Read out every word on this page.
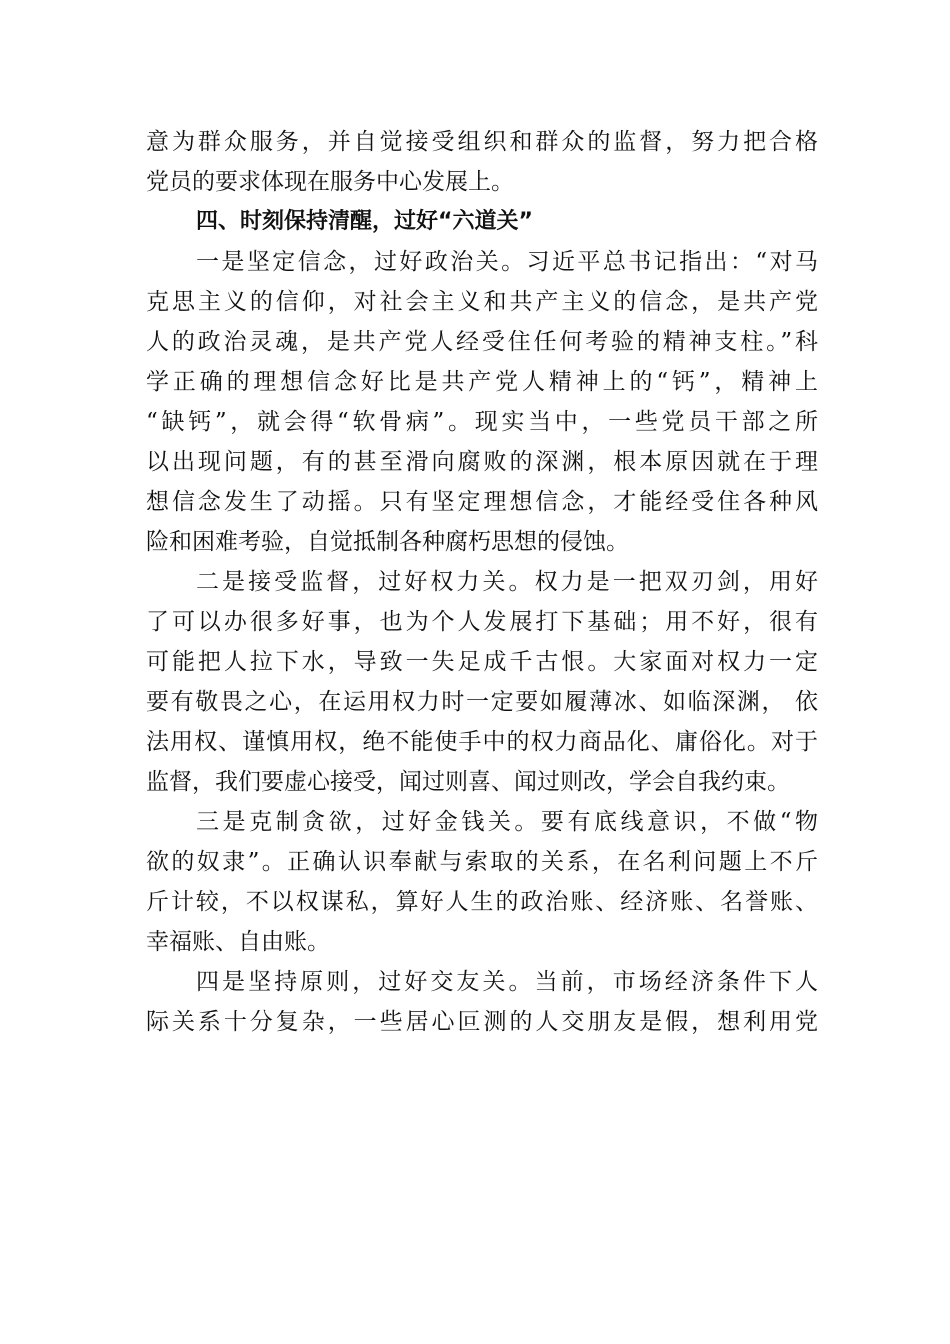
意为群众服务，并自觉接受组织和群众的监督，努力把合格
党员的要求体现在服务中心发展上。
四、时刻保持清醒，过好“六道关”
一是坚定信念，过好政治关。习近平总书记指出：“对马
克思主义的信仰，对社会主义和共产主义的信念，是共产党
人的政治灵魂，是共产党人经受住任何考验的精神支柱。”科
学正确的理想信念好比是共产党人精神上的“钙”，精神上
“缺钙”，就会得“软骨病”。现实当中，一些党员干部之所
以出现问题，有的甚至滑向腐败的深渊，根本原因就在于理
想信念发生了动摇。只有坚定理想信念，才能经受住各种风
险和困难考验，自觉抵制各种腐朽思想的侵蚀。
二是接受监督，过好权力关。权力是一把双刃剑，用好
了可以办很多好事，也为个人发展打下基础；用不好，很有
可能把人拉下水，导致一失足成千古恨。大家面对权力一定
要有敬畏之心，在运用权力时一定要如履薄冰、如临深渊， 依
法用权、谨慎用权，绝不能使手中的权力商品化、庸俗化。对于
监督，我们要虚心接受，闻过则喜、闻过则改，学会自我约束。
三是克制贪欲，过好金钱关。要有底线意识，不做“物
欲的奴隶”。正确认识奉献与索取的关系，在名利问题上不斤
斤计较，不以权谋私，算好人生的政治账、经济账、名誉账、
幸福账、自由账。
四是坚持原则，过好交友关。当前，市场经济条件下人
际关系十分复杂，一些居心叵测的人交朋友是假，想利用党
